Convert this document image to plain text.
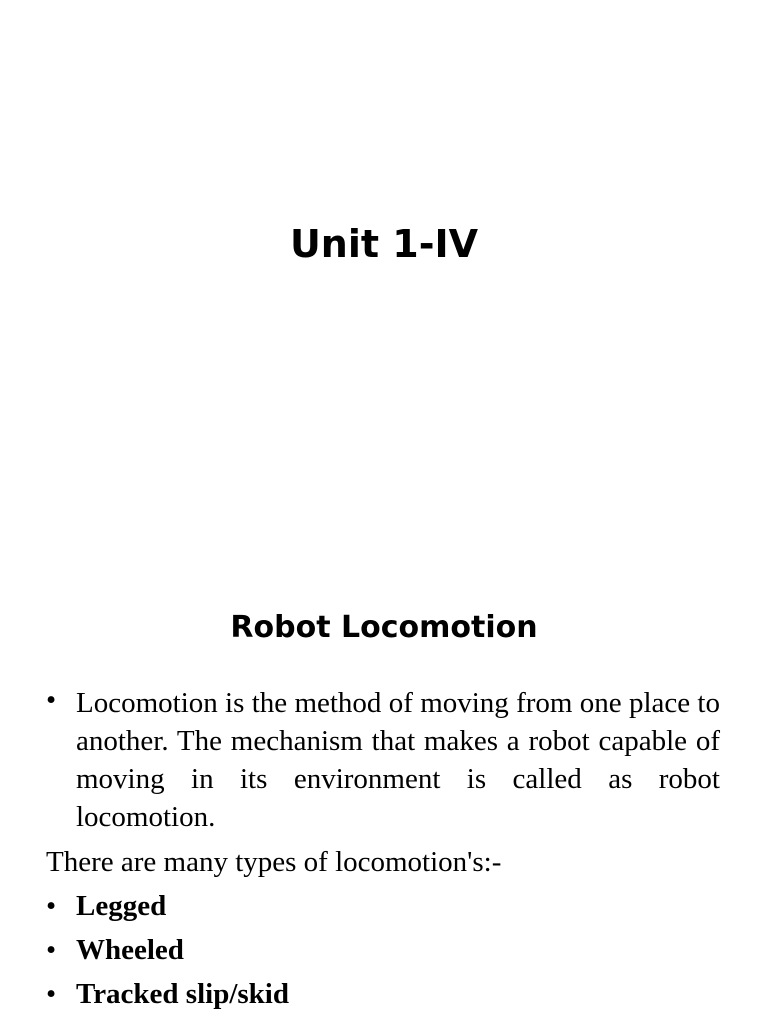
Unit 1-IV
Robot Locomotion
• Locomotion is the method of moving from one place to another. The mechanism that makes a robot capable of moving in its environment is called as robot locomotion.
There are many types of locomotion's:-
• Legged
• Wheeled
• Tracked slip/skid
